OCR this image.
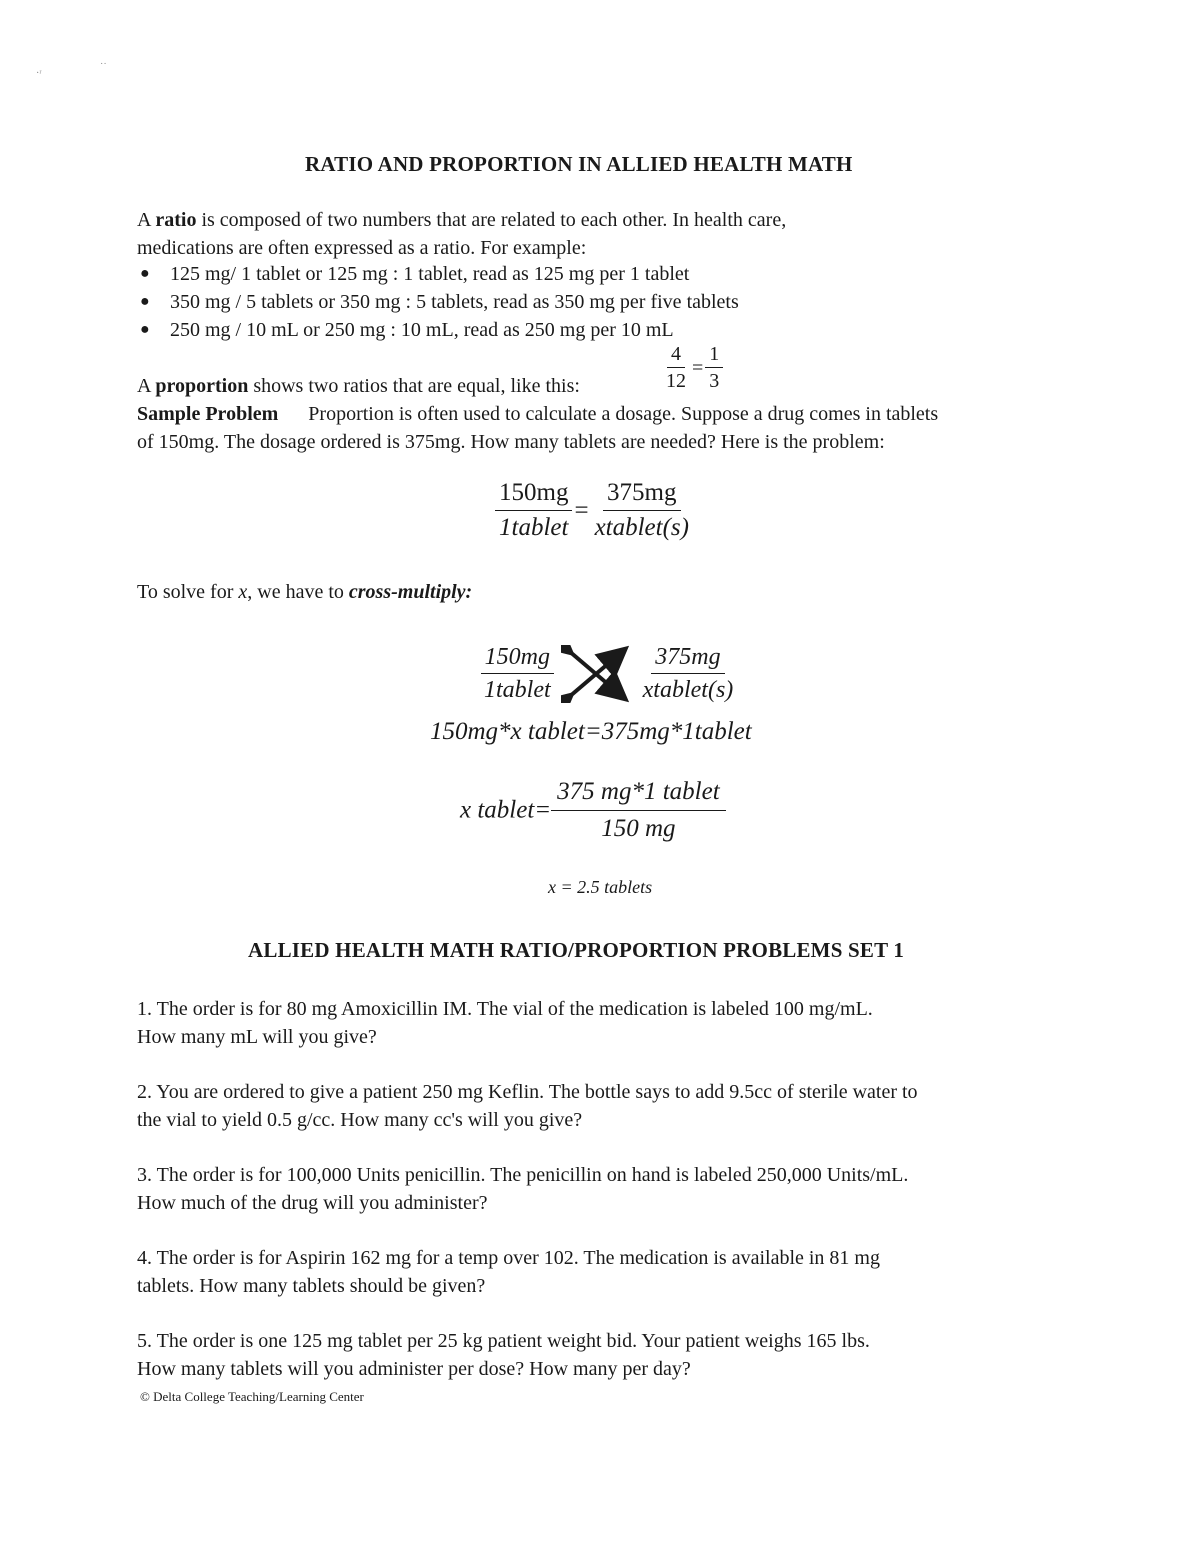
·ʳ
˙˙
RATIO AND PROPORTION IN ALLIED HEALTH MATH
A ratio is composed of two numbers that are related to each other. In health care,
medications are often expressed as a ratio. For example:
● 125 mg/ 1 tablet or 125 mg : 1 tablet, read as 125 mg per 1 tablet
● 350 mg / 5 tablets or 350 mg : 5 tablets, read as 350 mg per five tablets
● 250 mg / 10 mL or 250 mg : 10 mL, read as 250 mg per 10 mL
A proportion shows two ratios that are equal, like this:	$\frac{4}{12} = \frac{1}{3}$
Sample Problem Proportion is often used to calculate a dosage. Suppose a drug comes in tablets
of 150mg. The dosage ordered is 375mg. How many tablets are needed? Here is the problem:
$\frac{150mg}{\text{1tablet}} = \frac{375mg}{\text{xtablet(s)}}$
To solve for x, we have to cross-multiply:
$\frac{150mg}{\text{1tablet}}$
	$\frac{375mg}{\text{xtablet(s)}}$
150mg*x tablet=375mg*1tablet
x tablet= $\frac{\text{375 mg*1 tablet}}{150 mg}$
x = 2.5 tablets
ALLIED HEALTH MATH RATIO/PROPORTION PROBLEMS SET 1
1. The order is for 80 mg Amoxicillin IM. The vial of the medication is labeled 100 mg/mL.
How many mL will you give?
2. You are ordered to give a patient 250 mg Keflin. The bottle says to add 9.5cc of sterile water to
the vial to yield 0.5 g/cc. How many cc's will you give?
3. The order is for 100,000 Units penicillin. The penicillin on hand is labeled 250,000 Units/mL.
How much of the drug will you administer?
4. The order is for Aspirin 162 mg for a temp over 102. The medication is available in 81 mg
tablets. How many tablets should be given?
5. The order is one 125 mg tablet per 25 kg patient weight bid. Your patient weighs 165 lbs.
How many tablets will you administer per dose? How many per day?
© Delta College Teaching/Learning Center
